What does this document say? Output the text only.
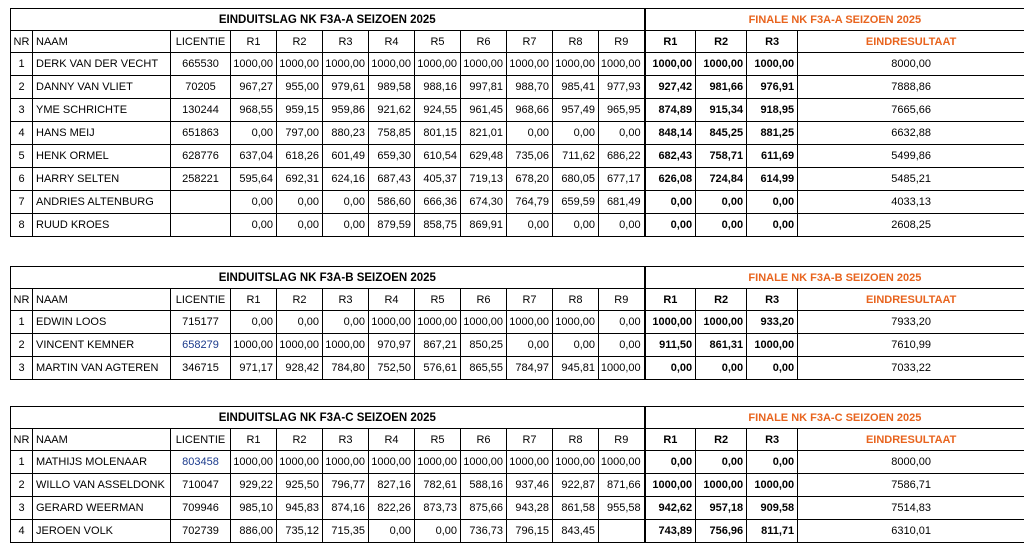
EINDUITSLAG NK F3A-A SEIZOEN 2025												FINALE NK F3A-A SEIZOEN 2025			
NR	NAAM	LICENTIE	R1	R2	R3	R4	R5	R6	R7	R8	R9	R1	R2	R3	EINDRESULTAAT
1	DERK VAN DER VECHT	665530	1000,00	1000,00	1000,00	1000,00	1000,00	1000,00	1000,00	1000,00	1000,00	1000,00	1000,00	1000,00	8000,00
2	DANNY VAN VLIET	70205	967,27	955,00	979,61	989,58	988,16	997,81	988,70	985,41	977,93	927,42	981,66	976,91	7888,86
3	YME SCHRICHTE	130244	968,55	959,15	959,86	921,62	924,55	961,45	968,66	957,49	965,95	874,89	915,34	918,95	7665,66
4	HANS MEIJ	651863	0,00	797,00	880,23	758,85	801,15	821,01	0,00	0,00	0,00	848,14	845,25	881,25	6632,88
5	HENK ORMEL	628776	637,04	618,26	601,49	659,30	610,54	629,48	735,06	711,62	686,22	682,43	758,71	611,69	5499,86
6	HARRY SELTEN	258221	595,64	692,31	624,16	687,43	405,37	719,13	678,20	680,05	677,17	626,08	724,84	614,99	5485,21
7	ANDRIES ALTENBURG		0,00	0,00	0,00	586,60	666,36	674,30	764,79	659,59	681,49	0,00	0,00	0,00	4033,13
8	RUUD KROES		0,00	0,00	0,00	879,59	858,75	869,91	0,00	0,00	0,00	0,00	0,00	0,00	2608,25
EINDUITSLAG NK F3A-B SEIZOEN 2025												FINALE NK F3A-B SEIZOEN 2025			
NR	NAAM	LICENTIE	R1	R2	R3	R4	R5	R6	R7	R8	R9	R1	R2	R3	EINDRESULTAAT
1	EDWIN LOOS	715177	0,00	0,00	0,00	1000,00	1000,00	1000,00	1000,00	1000,00	0,00	1000,00	1000,00	933,20	7933,20
2	VINCENT KEMNER	658279	1000,00	1000,00	1000,00	970,97	867,21	850,25	0,00	0,00	0,00	911,50	861,31	1000,00	7610,99
3	MARTIN VAN AGTEREN	346715	971,17	928,42	784,80	752,50	576,61	865,55	784,97	945,81	1000,00	0,00	0,00	0,00	7033,22
EINDUITSLAG NK F3A-C SEIZOEN 2025												FINALE NK F3A-C SEIZOEN 2025			
NR	NAAM	LICENTIE	R1	R2	R3	R4	R5	R6	R7	R8	R9	R1	R2	R3	EINDRESULTAAT
1	MATHIJS MOLENAAR	803458	1000,00	1000,00	1000,00	1000,00	1000,00	1000,00	1000,00	1000,00	1000,00	0,00	0,00	0,00	8000,00
2	WILLO VAN ASSELDONK	710047	929,22	925,50	796,77	827,16	782,61	588,16	937,46	922,87	871,66	1000,00	1000,00	1000,00	7586,71
3	GERARD WEERMAN	709946	985,10	945,83	874,16	822,26	873,73	875,66	943,28	861,58	955,58	942,62	957,18	909,58	7514,83
4	JEROEN VOLK	702739	886,00	735,12	715,35	0,00	0,00	736,73	796,15	843,45		743,89	756,96	811,71	6310,01
